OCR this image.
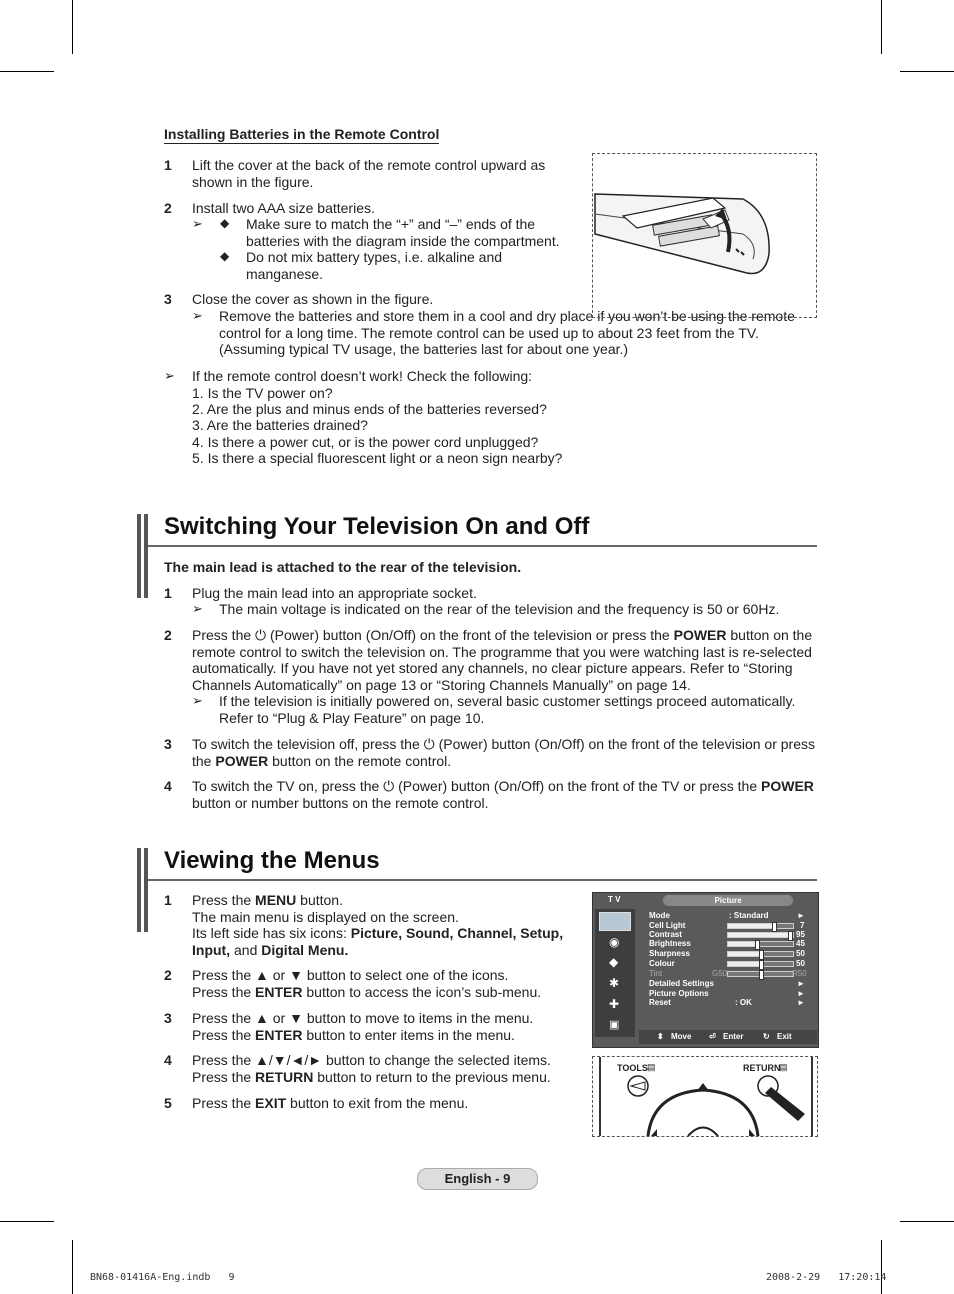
Installing Batteries in the Remote Control
1 Lift the cover at the back of the remote control upward as shown in the figure.
2 Install two AAA size batteries.
➢ ◆ Make sure to match the “+” and “–” ends of the batteries with the diagram inside the compartment.
◆ Do not mix battery types, i.e. alkaline and manganese.
3 Close the cover as shown in the figure.
➢ Remove the batteries and store them in a cool and dry place if you won’t be using the remote control for a long time. The remote control can be used up to about 23 feet from the TV. (Assuming typical TV usage, the batteries last for about one year.)
➢ If the remote control doesn’t work! Check the following:
1. Is the TV power on?
2. Are the plus and minus ends of the batteries reversed?
3. Are the batteries drained?
4. Is there a power cut, or is the power cord unplugged?
5. Is there a special fluorescent light or a neon sign nearby?
Switching Your Television On and Off
The main lead is attached to the rear of the television.
1 Plug the main lead into an appropriate socket.
➢ The main voltage is indicated on the rear of the television and the frequency is 50 or 60Hz.
2 Press the ⏻ (Power) button (On/Off) on the front of the television or press the POWER button on the remote control to switch the television on. The programme that you were watching last is re-selected automatically. If you have not yet stored any channels, no clear picture appears. Refer to “Storing Channels Automatically” on page 13 or “Storing Channels Manually” on page 14.
➢ If the television is initially powered on, several basic customer settings proceed automatically. Refer to “Plug & Play Feature” on page 10.
3 To switch the television off, press the ⏻ (Power) button (On/Off) on the front of the television or press the POWER button on the remote control.
4 To switch the TV on, press the ⏻ (Power) button (On/Off) on the front of the TV or press the POWER button or number buttons on the remote control.
Viewing the Menus
1 Press the MENU button.
The main menu is displayed on the screen.
Its left side has six icons: Picture, Sound, Channel, Setup, Input, and Digital Menu.
2 Press the ▲ or ▼ button to select one of the icons.
Press the ENTER button to access the icon’s sub-menu.
3 Press the ▲ or ▼ button to move to items in the menu.
Press the ENTER button to enter items in the menu.
4 Press the ▲/▼/◄/► button to change the selected items.
Press the RETURN button to return to the previous menu.
5 Press the EXIT button to exit from the menu.
T V	Picture
◉
◆
✱
✚
▣
Mode	: Standard	►
Cell Light	7
Contrast	95
Brightness	45
Sharpness	50
Colour	50
Tint	G50	R50
Detailed Settings	►
Picture Options	►
Reset	: OK	►
⬍ Move ⏎ Enter ↻ Exit
TOOLS ▤	RETURN
▤
English - 9
BN68-01416A-Eng.indb   9	2008-2-29   17:20:14
